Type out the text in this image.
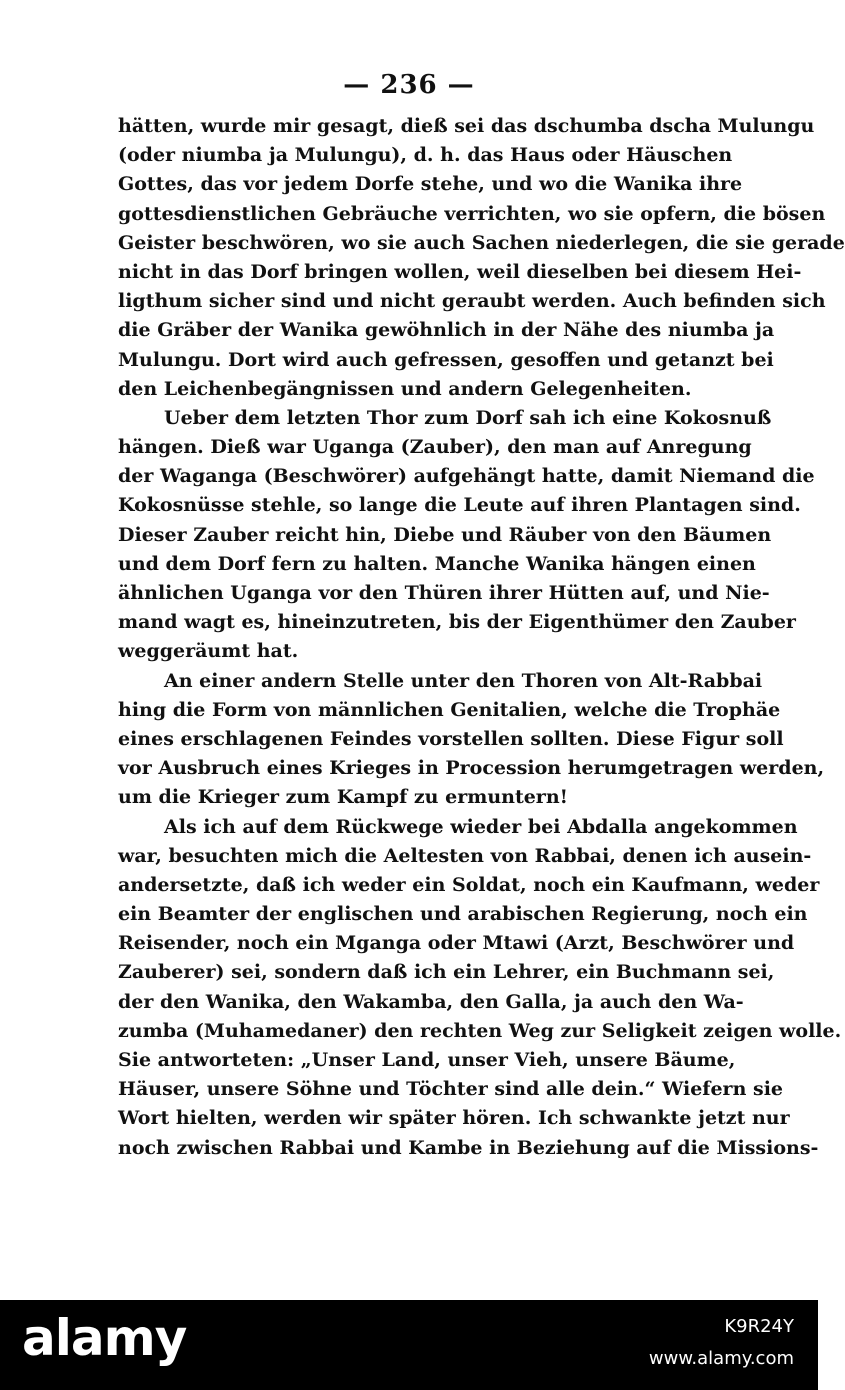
— 236 —
hätten, wurde mir gesagt, dieß sei das dschumba dscha Mulungu
(oder niumba ja Mulungu), d. h. das Haus oder Häuschen
Gottes, das vor jedem Dorfe stehe, und wo die Wanika ihre
gottesdienstlichen Gebräuche verrichten, wo sie opfern, die bösen
Geister beschwören, wo sie auch Sachen niederlegen, die sie gerade
nicht in das Dorf bringen wollen, weil dieselben bei diesem Hei-
ligthum sicher sind und nicht geraubt werden. Auch befinden sich
die Gräber der Wanika gewöhnlich in der Nähe des niumba ja
Mulungu. Dort wird auch gefressen, gesoffen und getanzt bei
den Leichenbegängnissen und andern Gelegenheiten.
Ueber dem letzten Thor zum Dorf sah ich eine Kokosnuß
hängen. Dieß war Uganga (Zauber), den man auf Anregung
der Waganga (Beschwörer) aufgehängt hatte, damit Niemand die
Kokosnüsse stehle, so lange die Leute auf ihren Plantagen sind.
Dieser Zauber reicht hin, Diebe und Räuber von den Bäumen
und dem Dorf fern zu halten. Manche Wanika hängen einen
ähnlichen Uganga vor den Thüren ihrer Hütten auf, und Nie-
mand wagt es, hineinzutreten, bis der Eigenthümer den Zauber
weggeräumt hat.
An einer andern Stelle unter den Thoren von Alt-Rabbai
hing die Form von männlichen Genitalien, welche die Trophäe
eines erschlagenen Feindes vorstellen sollten. Diese Figur soll
vor Ausbruch eines Krieges in Procession herumgetragen werden,
um die Krieger zum Kampf zu ermuntern!
Als ich auf dem Rückwege wieder bei Abdalla angekommen
war, besuchten mich die Aeltesten von Rabbai, denen ich ausein-
andersetzte, daß ich weder ein Soldat, noch ein Kaufmann, weder
ein Beamter der englischen und arabischen Regierung, noch ein
Reisender, noch ein Mganga oder Mtawi (Arzt, Beschwörer und
Zauberer) sei, sondern daß ich ein Lehrer, ein Buchmann sei,
der den Wanika, den Wakamba, den Galla, ja auch den Wa-
zumba (Muhamedaner) den rechten Weg zur Seligkeit zeigen wolle.
Sie antworteten: „Unser Land, unser Vieh, unsere Bäume,
Häuser, unsere Söhne und Töchter sind alle dein.“ Wiefern sie
Wort hielten, werden wir später hören. Ich schwankte jetzt nur
noch zwischen Rabbai und Kambe in Beziehung auf die Missions-
alamy	K9R24Y
www.alamy.com
